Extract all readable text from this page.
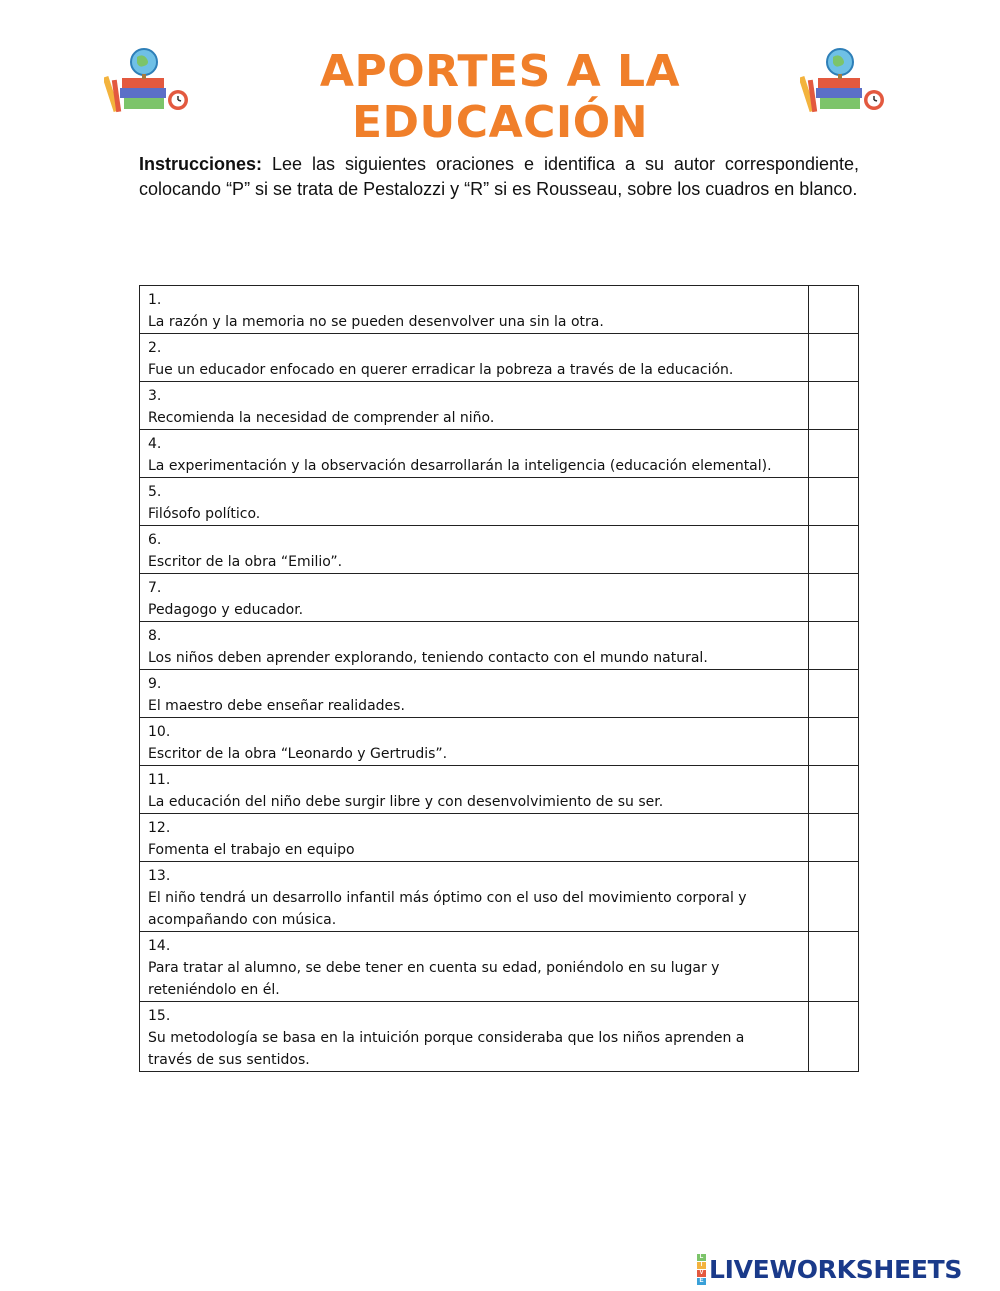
APORTES A LA EDUCACIÓN
Instrucciones: Lee las siguientes oraciones e identifica a su autor correspondiente, colocando “P” si se trata de Pestalozzi y “R” si es Rousseau, sobre los cuadros en blanco.
1.La razón y la memoria no se pueden desenvolver una sin la otra.	
2.Fue un educador enfocado en querer erradicar la pobreza a través de la educación.	
3.Recomienda la necesidad de comprender al niño.	
4.La experimentación y la observación desarrollarán la inteligencia (educación elemental).	
5.Filósofo político.	
6.Escritor de la obra “Emilio”.	
7.Pedagogo y educador.	
8.Los niños deben aprender explorando, teniendo contacto con el mundo natural.	
9.El maestro debe enseñar realidades.	
10.Escritor de la obra “Leonardo y Gertrudis”.	
11.La educación del niño debe surgir libre y con desenvolvimiento de su ser.	
12.Fomenta el trabajo en equipo	
13.El niño tendrá un desarrollo infantil más óptimo con el uso del movimiento corporal y acompañando con música.	
14.Para tratar al alumno, se debe tener en cuenta su edad, poniéndolo en su lugar y reteniéndolo en él.	
15.Su metodología se basa en la intuición porque consideraba que los niños aprenden a través de sus sentidos.	
L
I
V
E LIVEWORKSHEETS
